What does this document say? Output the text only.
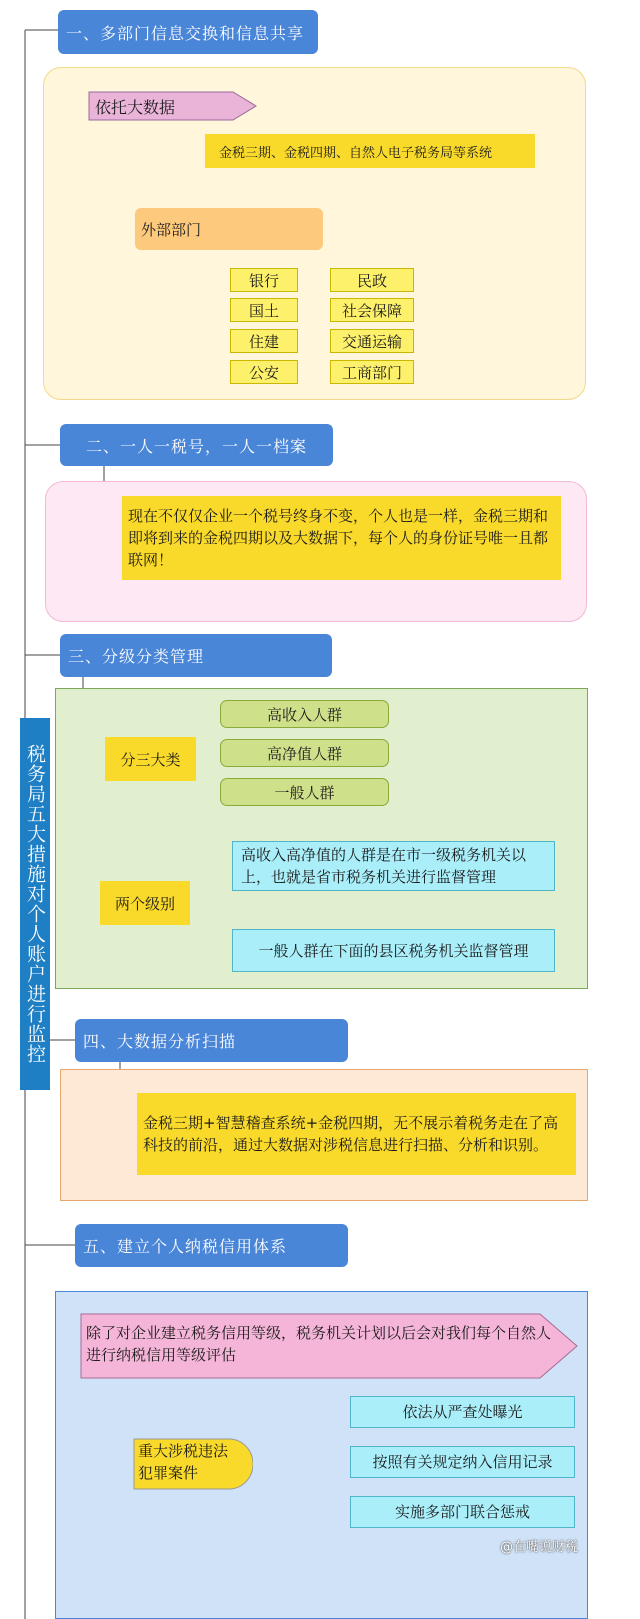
税务局五大措施对个人账户进行监控
一、多部门信息交换和信息共享
依托大数据
金税三期、金税四期、自然人电子税务局等系统
外部部门
银行
国土
住建
公安
民政
社会保障
交通运输
工商部门
二、一人一税号，一人一档案
现在不仅仅企业一个税号终身不变，个人也是一样，金税三期和即将到来的金税四期以及大数据下，每个人的身份证号唯一且都联网！
三、分级分类管理
分三大类
高收入人群
高净值人群
一般人群
两个级别
高收入高净值的人群是在市一级税务机关以上，也就是省市税务机关进行监督管理
一般人群在下面的县区税务机关监督管理
四、大数据分析扫描
金税三期+智慧稽查系统+金税四期，无不展示着税务走在了高科技的前沿，通过大数据对涉税信息进行扫描、分析和识别。
五、建立个人纳税信用体系
除了对企业建立税务信用等级，税务机关计划以后会对我们每个自然人进行纳税信用等级评估
重大涉税违法犯罪案件
依法从严查处曝光
按照有关规定纳入信用记录
实施多部门联合惩戒
@在嘴说财税
